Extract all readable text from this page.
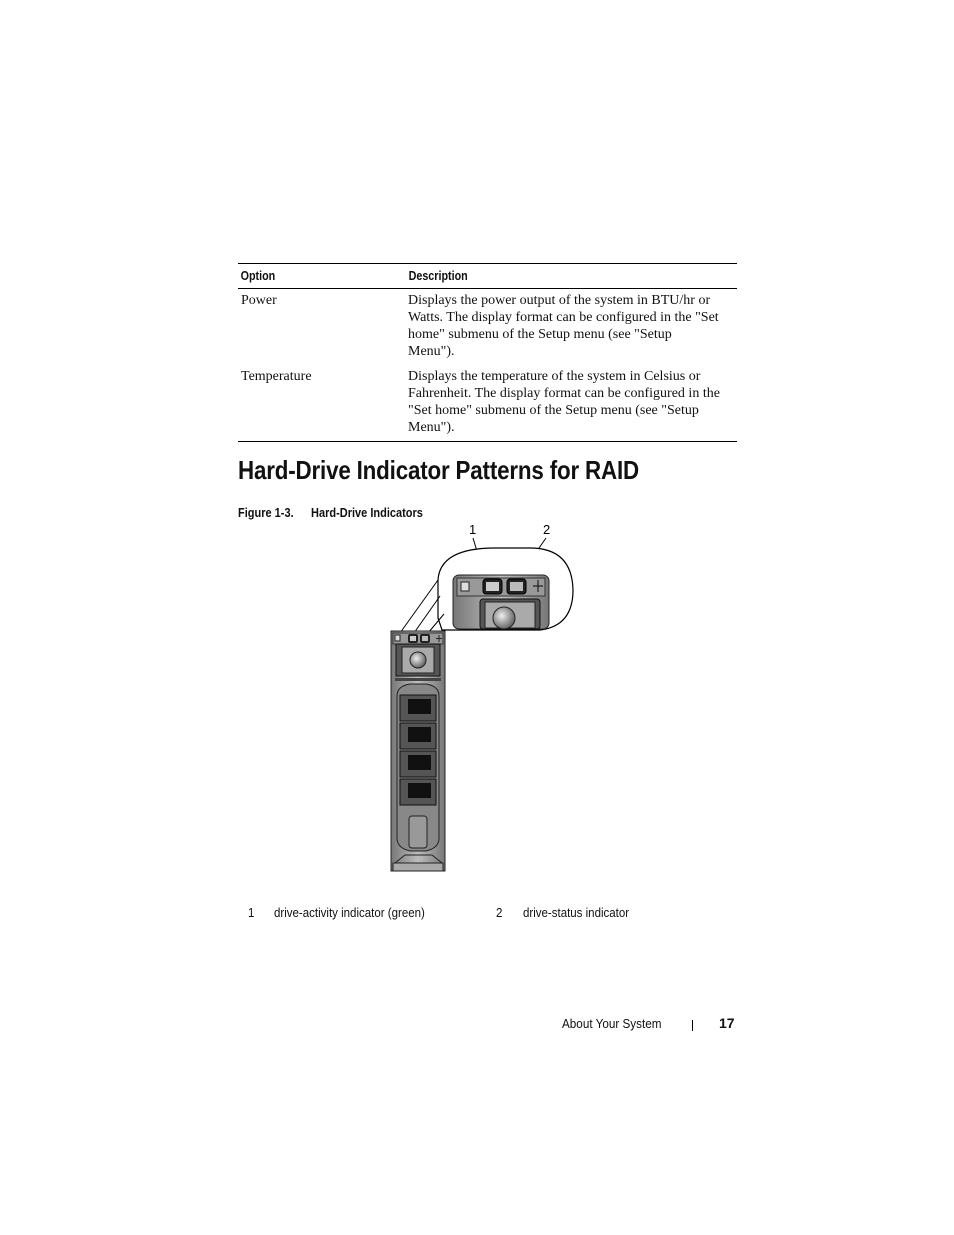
Option	Description
Power	Displays the power output of the system in BTU/hr or
Watts. The display format can be configured in the "Set
home" submenu of the Setup menu (see "Setup
Menu").
Temperature	Displays the temperature of the system in Celsius or
Fahrenheit. The display format can be configured in the
"Set home" submenu of the Setup menu (see "Setup
Menu").
Hard-Drive Indicator Patterns for RAID
Figure 1-3. Hard-Drive Indicators
1	2
1 drive-activity indicator (green)	2 drive-status indicator
About Your System	17
